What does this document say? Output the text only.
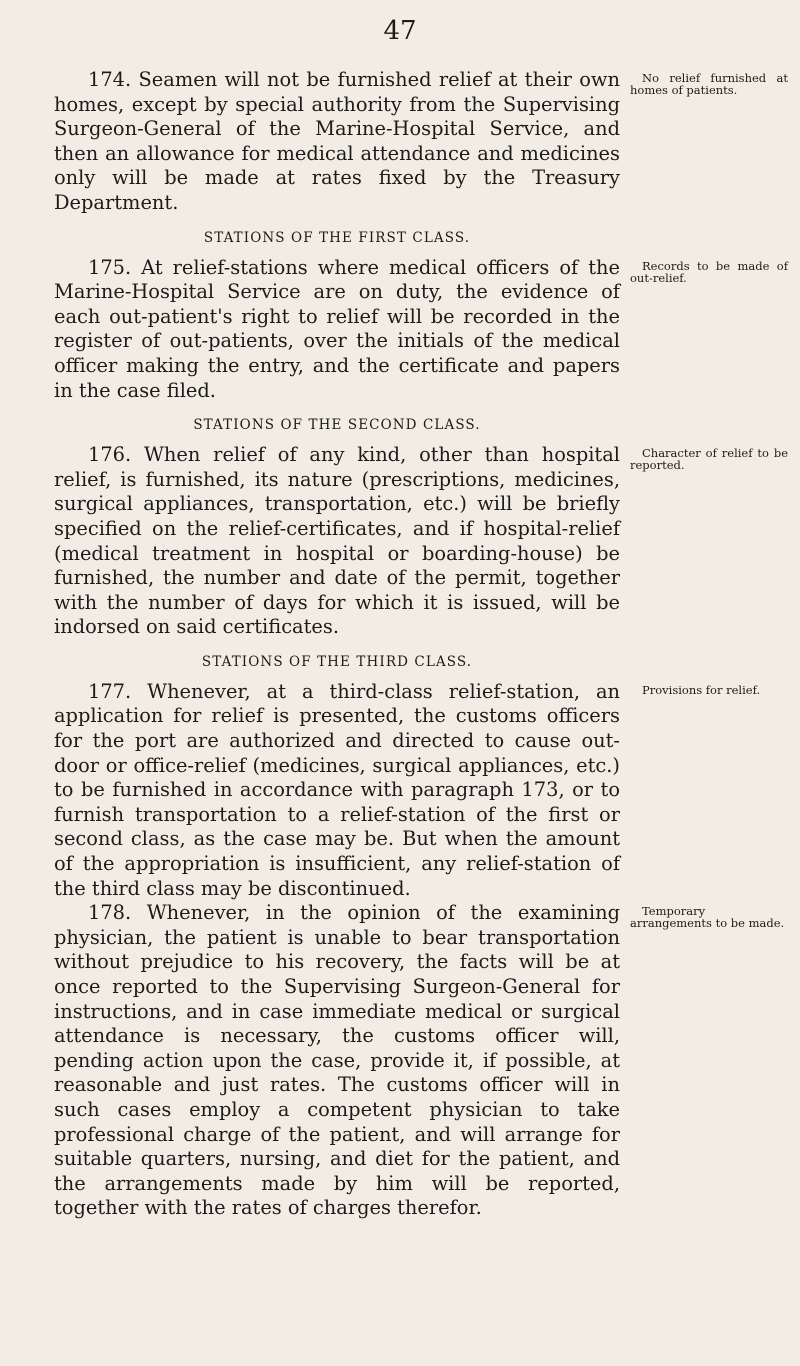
47

174. Seamen will not be furnished relief at their own homes, except by special authority from the Supervising Surgeon-General of the Marine-Hospital Service, and then an allowance for medical attendance and medicines only will be made at rates fixed by the Treasury Department.
No relief furnished at homes of patients.

STATIONS OF THE FIRST CLASS.

175. At relief-stations where medical officers of the Marine-Hospital Service are on duty, the evidence of each out-patient's right to relief will be recorded in the register of out-patients, over the initials of the medical officer making the entry, and the certificate and papers in the case filed.
Records to be made of out-relief.

STATIONS OF THE SECOND CLASS.

176. When relief of any kind, other than hospital relief, is furnished, its nature (prescriptions, medicines, surgical appliances, transportation, etc.) will be briefly specified on the relief-certificates, and if hospital-relief (medical treatment in hospital or boarding-house) be furnished, the number and date of the permit, together with the number of days for which it is issued, will be indorsed on said certificates.
Character of relief to be reported.

STATIONS OF THE THIRD CLASS.

177. Whenever, at a third-class relief-station, an application for relief is presented, the customs officers for the port are authorized and directed to cause out-door or office-relief (medicines, surgical appliances, etc.) to be furnished in accordance with paragraph 173, or to furnish transportation to a relief-station of the first or second class, as the case may be. But when the amount of the appropriation is insufficient, any relief-station of the third class may be discontinued.
Provisions for relief.

178. Whenever, in the opinion of the examining physician, the patient is unable to bear transportation without prejudice to his recovery, the facts will be at once reported to the Supervising Surgeon-General for instructions, and in case immediate medical or surgical attendance is necessary, the customs officer will, pending action upon the case, provide it, if possible, at reasonable and just rates. The customs officer will in such cases employ a competent physician to take professional charge of the patient, and will arrange for suitable quarters, nursing, and diet for the patient, and the arrangements made by him will be reported, together with the rates of charges therefor.
Temporary arrangements to be made.
